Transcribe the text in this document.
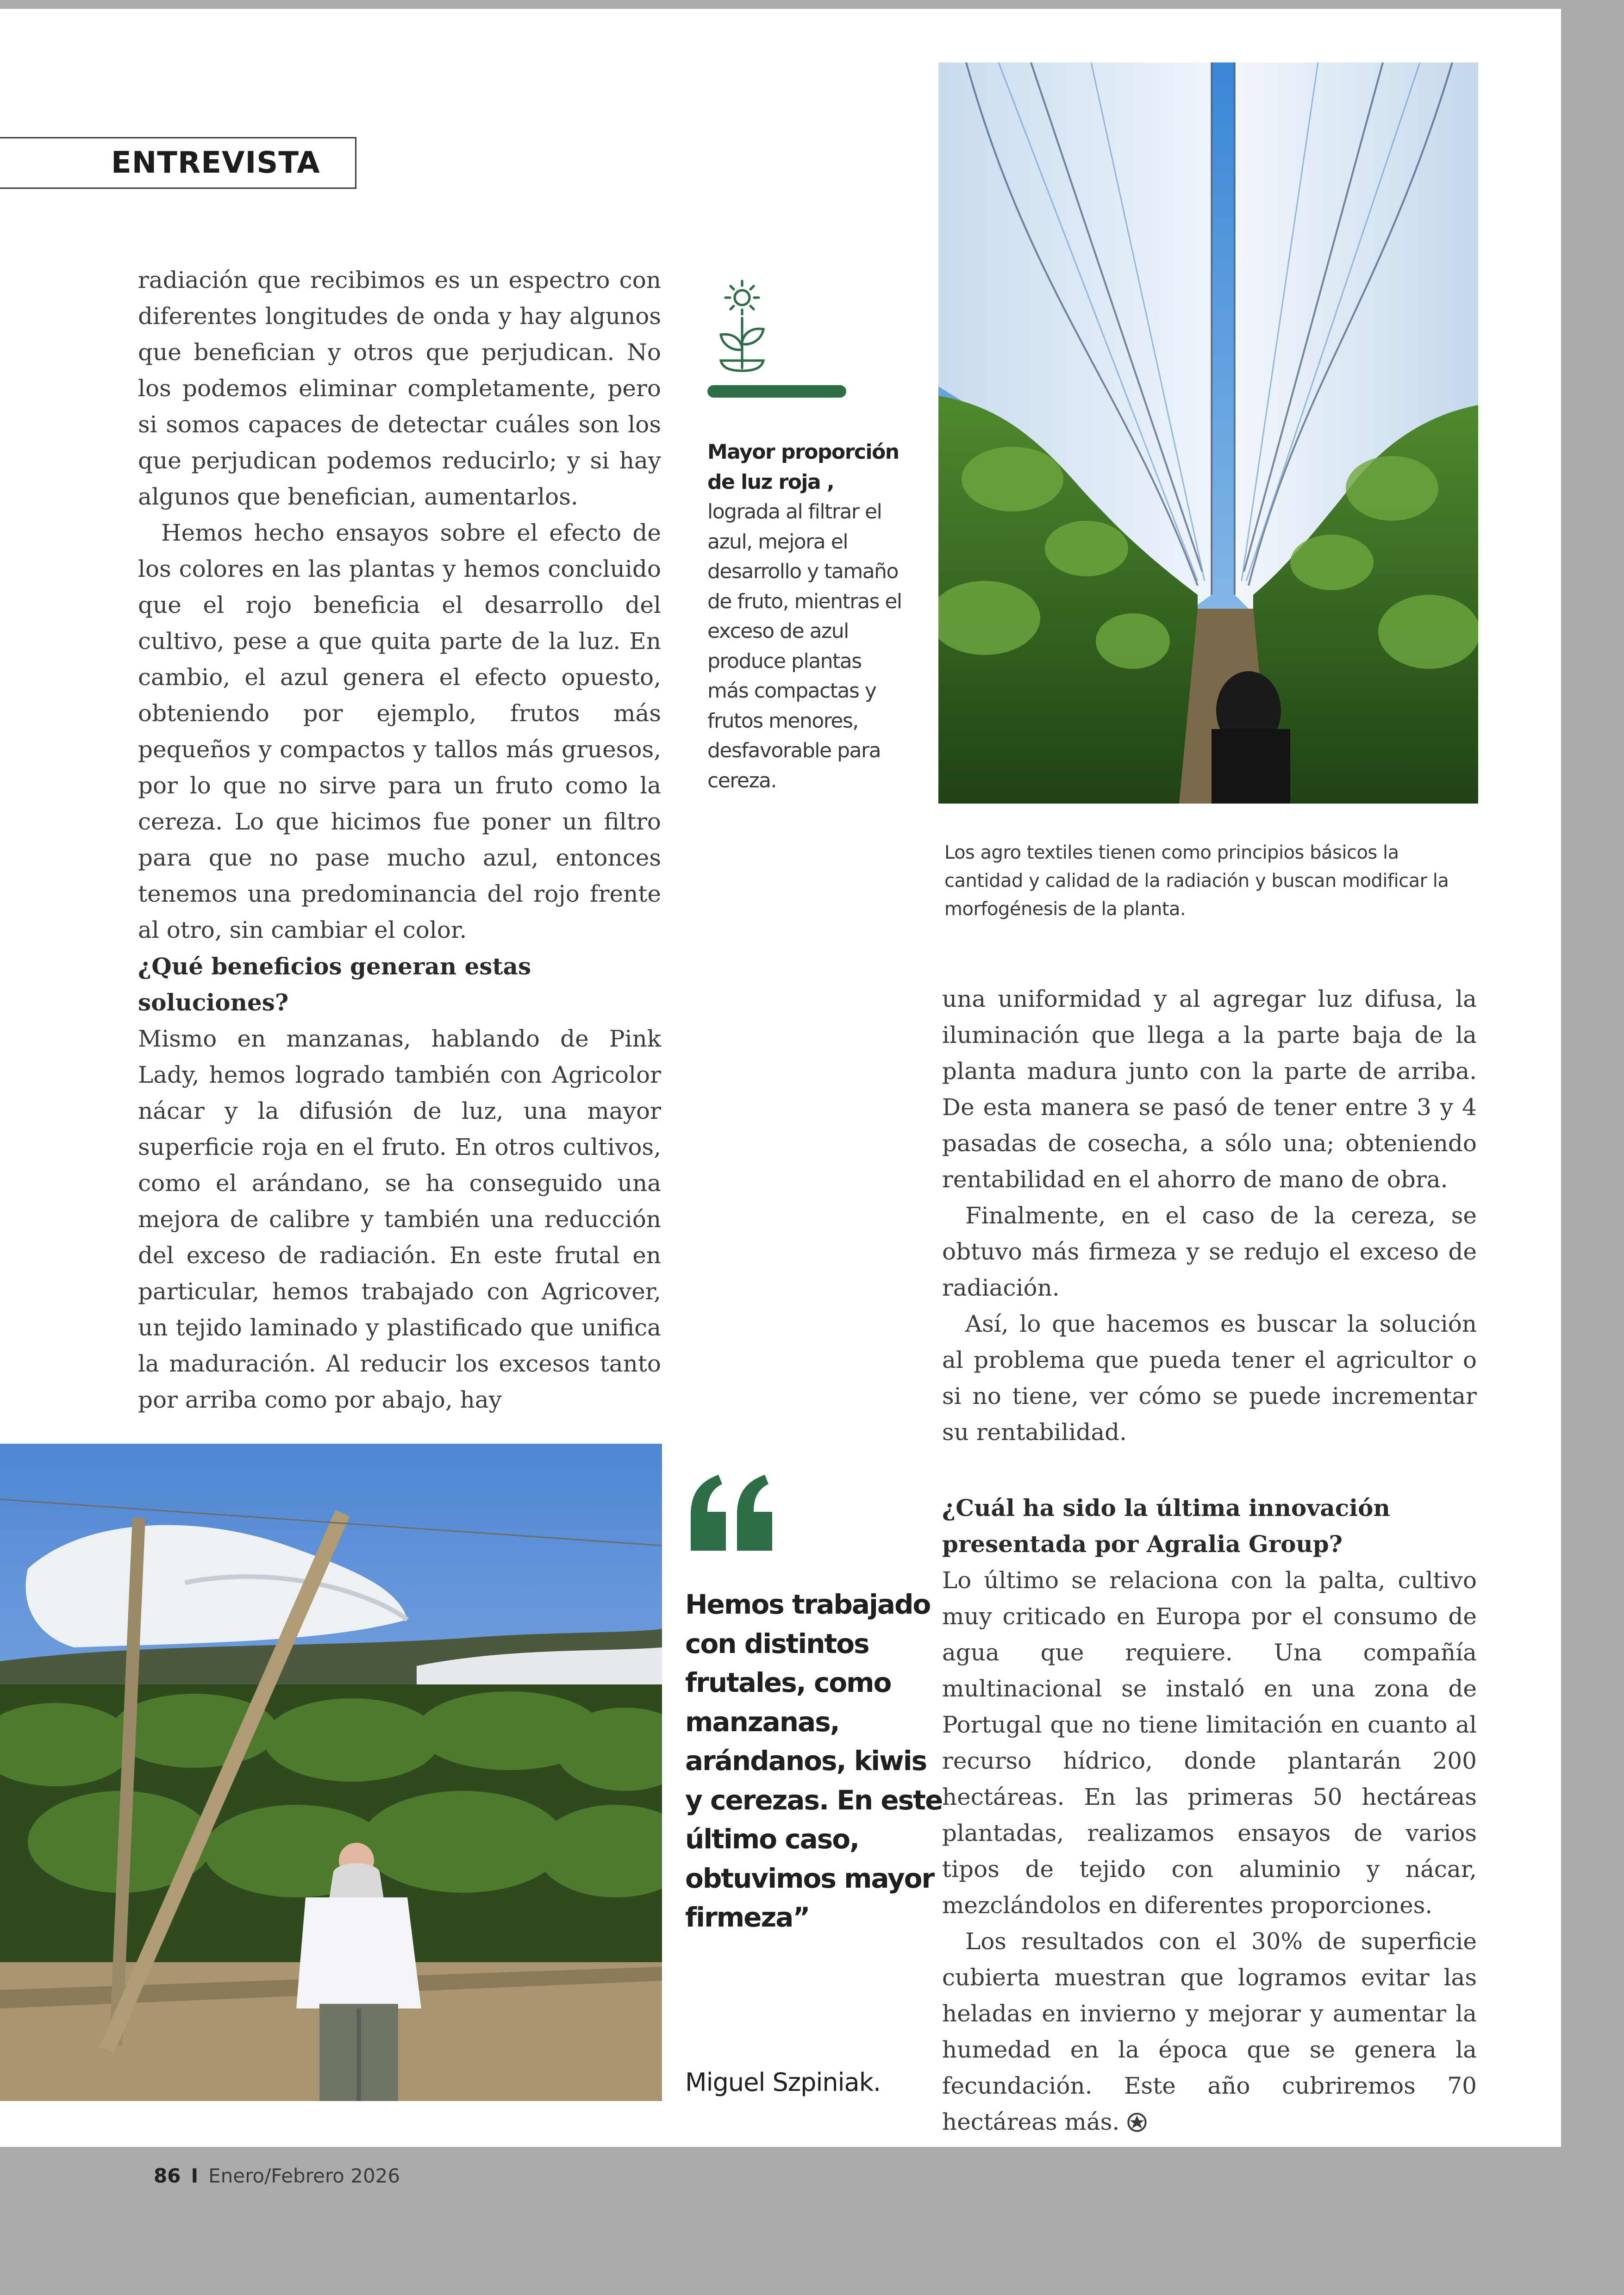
ENTREVISTA

radiación que recibimos es un espectro con diferentes longitudes de onda y hay algunos que benefician y otros que perjudican. No los podemos eliminar completamente, pero si somos capaces de detectar cuáles son los que perjudican podemos reducirlo; y si hay algunos que benefician, aumentarlos.

Hemos hecho ensayos sobre el efecto de los colores en las plantas y hemos concluido que el rojo beneficia el desarrollo del cultivo, pese a que quita parte de la luz. En cambio, el azul genera el efecto opuesto, obteniendo por ejemplo, frutos más pequeños y compactos y tallos más gruesos, por lo que no sirve para un fruto como la cereza. Lo que hicimos fue poner un filtro para que no pase mucho azul, entonces tenemos una predominancia del rojo frente al otro, sin cambiar el color.

¿Qué beneficios generan estas soluciones?

Mismo en manzanas, hablando de Pink Lady, hemos logrado también con Agricolor nácar y la difusión de luz, una mayor superficie roja en el fruto. En otros cultivos, como el arándano, se ha conseguido una mejora de calibre y también una reducción del exceso de radiación. En este frutal en particular, hemos trabajado con Agricover, un tejido laminado y plastificado que unifica la maduración. Al reducir los excesos tanto por arriba como por abajo, hay

Mayor proporción de luz roja , lograda al filtrar el azul, mejora el desarrollo y tamaño de fruto, mientras el exceso de azul produce plantas más compactas y frutos menores, desfavorable para cereza.
Los agro textiles tienen como principios básicos la cantidad y calidad de la radiación y buscan modificar la morfogénesis de la planta.

una uniformidad y al agregar luz difusa, la iluminación que llega a la parte baja de la planta madura junto con la parte de arriba. De esta manera se pasó de tener entre 3 y 4 pasadas de cosecha, a sólo una; obteniendo rentabilidad en el ahorro de mano de obra.

Finalmente, en el caso de la cereza, se obtuvo más firmeza y se redujo el exceso de radiación.

Así, lo que hacemos es buscar la solución al problema que pueda tener el agricultor o si no tiene, ver cómo se puede incrementar su rentabilidad.

¿Cuál ha sido la última innovación presentada por Agralia Group?

Lo último se relaciona con la palta, cultivo muy criticado en Europa por el consumo de agua que requiere. Una compañía multinacional se instaló en una zona de Portugal que no tiene limitación en cuanto al recurso hídrico, donde plantarán 200 hectáreas. En las primeras 50 hectáreas plantadas, realizamos ensayos de varios tipos de tejido con aluminio y nácar, mezclándolos en diferentes proporciones.

Los resultados con el 30% de superficie cubierta muestran que logramos evitar las heladas en invierno y mejorar y aumentar la humedad en la época que se genera la fecundación. Este año cubriremos 70 hectáreas más.

Hemos trabajado con distintos frutales, como manzanas, arándanos, kiwis y cerezas. En este último caso, obtuvimos mayor firmeza”
Miguel Szpiniak.
86 I Enero/Febrero 2026
